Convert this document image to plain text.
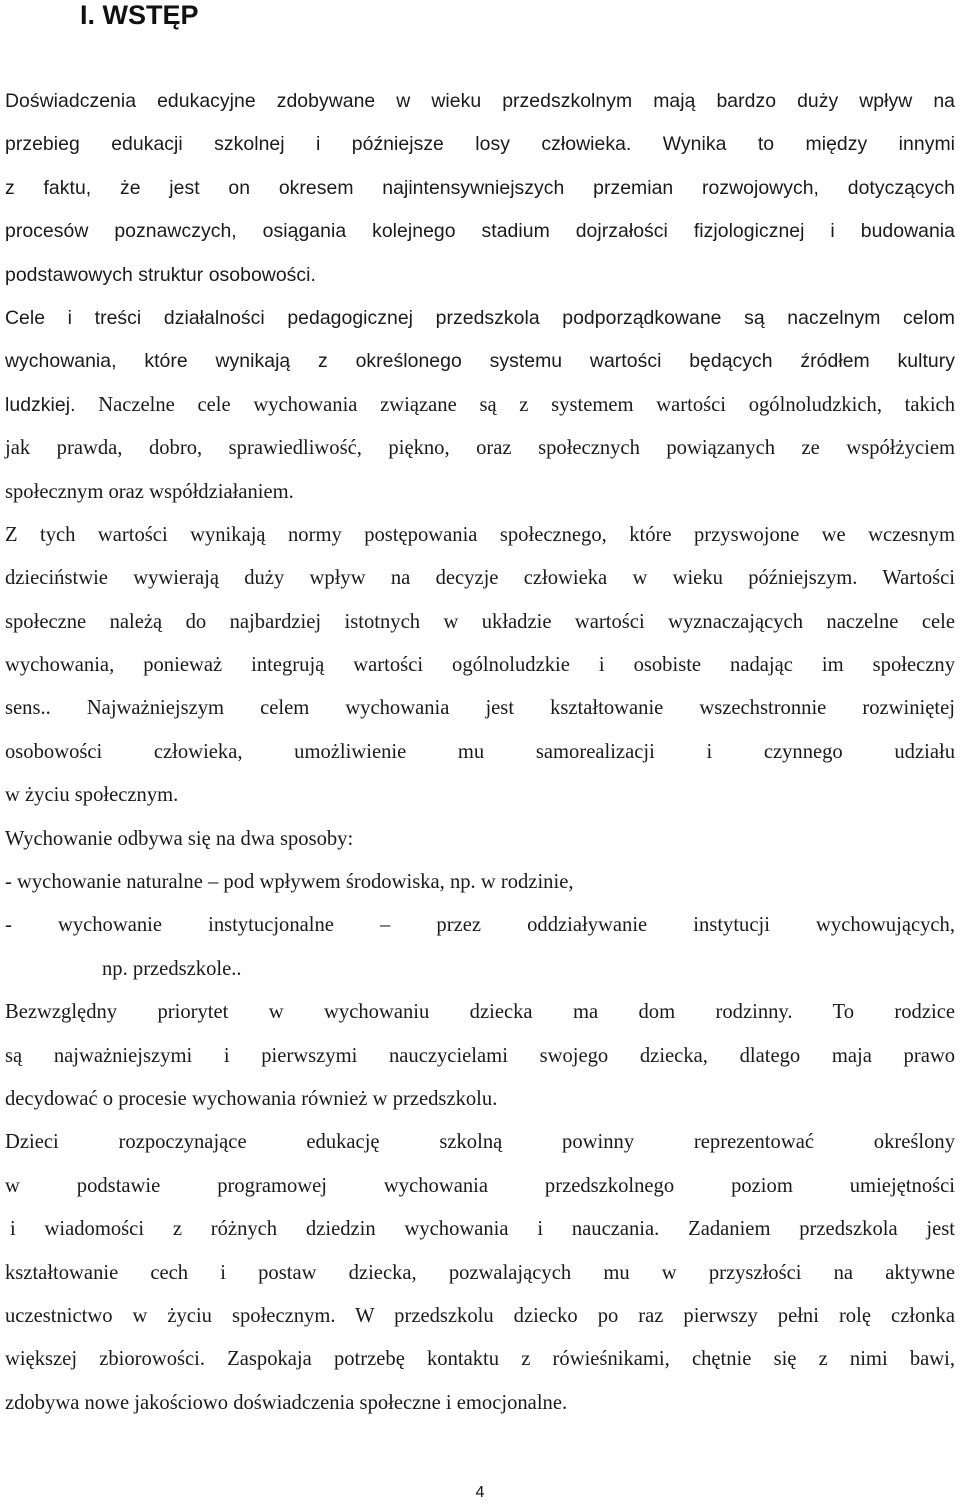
I. WSTĘP
Doświadczenia edukacyjne zdobywane w wieku przedszkolnym mają bardzo duży wpływ na
przebieg edukacji szkolnej i późniejsze losy człowieka. Wynika to między innymi
z faktu, że jest on okresem najintensywniejszych przemian rozwojowych, dotyczących
procesów poznawczych, osiągania kolejnego stadium dojrzałości fizjologicznej i budowania
podstawowych struktur osobowości.
Cele i treści działalności pedagogicznej przedszkola podporządkowane są naczelnym celom
wychowania, które wynikają z określonego systemu wartości będących źródłem kultury
ludzkiej. Naczelne cele wychowania związane są z systemem wartości ogólnoludzkich, takich
jak prawda, dobro, sprawiedliwość, piękno, oraz społecznych powiązanych ze współżyciem
społecznym oraz współdziałaniem.
Z tych wartości wynikają normy postępowania społecznego, które przyswojone we wczesnym
dzieciństwie wywierają duży wpływ na decyzje człowieka w wieku późniejszym. Wartości
społeczne należą do najbardziej istotnych w układzie wartości wyznaczających naczelne cele
wychowania, ponieważ integrują wartości ogólnoludzkie i osobiste nadając im społeczny
sens.. Najważniejszym celem wychowania jest kształtowanie wszechstronnie rozwiniętej
osobowości człowieka, umożliwienie mu samorealizacji i czynnego udziału
w życiu społecznym.
Wychowanie odbywa się na dwa sposoby:
- wychowanie naturalne – pod wpływem środowiska, np. w rodzinie,
- wychowanie instytucjonalne – przez oddziaływanie instytucji wychowujących,
np. przedszkole..
Bezwzględny priorytet w wychowaniu dziecka ma dom rodzinny. To rodzice
są najważniejszymi i pierwszymi nauczycielami swojego dziecka, dlatego maja prawo
decydować o procesie wychowania również w przedszkolu.
Dzieci rozpoczynające edukację szkolną powinny reprezentować określony
w podstawie programowej wychowania przedszkolnego poziom umiejętności
i wiadomości z różnych dziedzin wychowania i nauczania. Zadaniem przedszkola jest
kształtowanie cech i postaw dziecka, pozwalających mu w przyszłości na aktywne
uczestnictwo w życiu społecznym. W przedszkolu dziecko po raz pierwszy pełni rolę członka
większej zbiorowości. Zaspokaja potrzebę kontaktu z rówieśnikami, chętnie się z nimi bawi,
zdobywa nowe jakościowo doświadczenia społeczne i emocjonalne.
4
